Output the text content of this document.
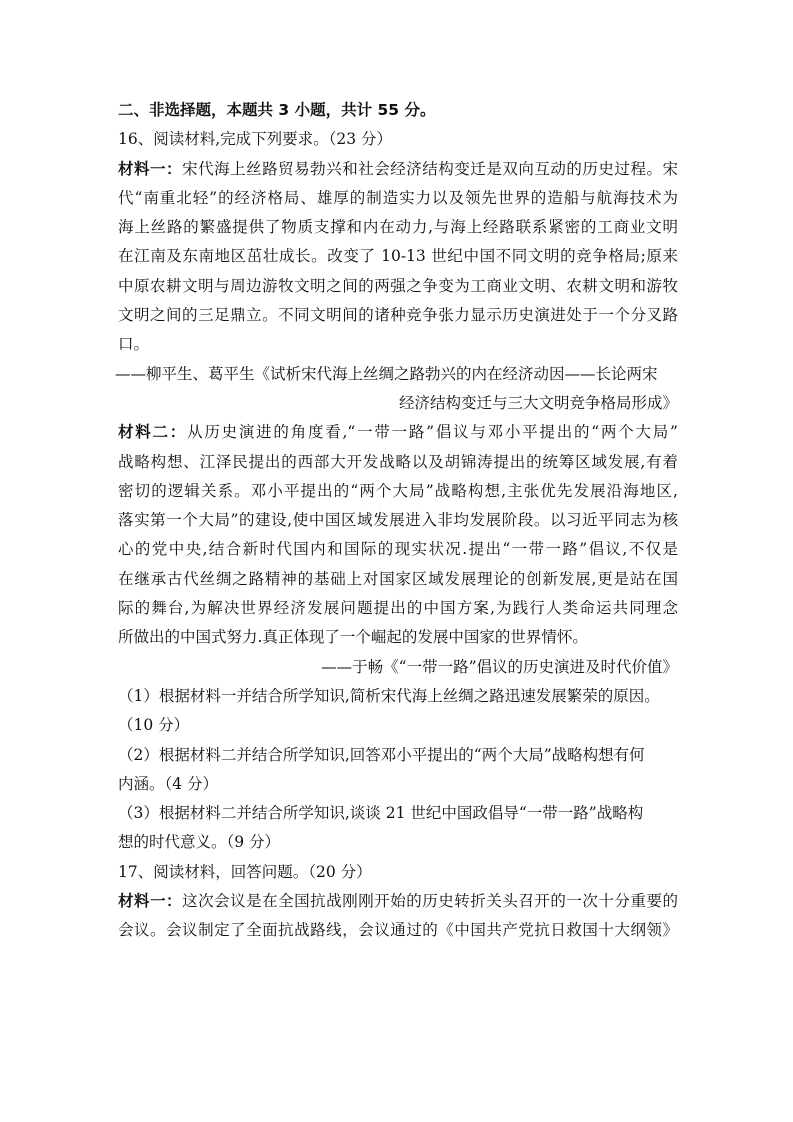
二、非选择题，本题共 3 小题，共计 55 分。
16、阅读材料,完成下列要求。（23 分）
材料一：宋代海上丝路贸易勃兴和社会经济结构变迁是双向互动的历史过程。宋
代“南重北轻”的经济格局、雄厚的制造实力以及领先世界的造船与航海技术为
海上丝路的繁盛提供了物质支撑和内在动力,与海上经路联系紧密的工商业文明
在江南及东南地区茁壮成长。改变了 10-13 世纪中国不同文明的竞争格局;原来
中原农耕文明与周边游牧文明之间的两强之争变为工商业文明、农耕文明和游牧
文明之间的三足鼎立。不同文明间的诸种竞争张力显示历史演进处于一个分叉路
口。
——柳平生、葛平生《试析宋代海上丝绸之路勃兴的内在经济动因——长论两宋
经济结构变迁与三大文明竞争格局形成》
材料二：从历史演进的角度看,“一带一路”倡议与邓小平提出的“两个大局”
战略构想、江泽民提出的西部大开发战略以及胡锦涛提出的统筹区域发展,有着
密切的逻辑关系。邓小平提出的“两个大局”战略构想,主张优先发展沿海地区,
落实第一个大局”的建设,使中国区域发展进入非均发展阶段。以习近平同志为核
心的党中央,结合新时代国内和国际的现实状况.提出“一带一路”倡议,不仅是
在继承古代丝绸之路精神的基础上对国家区域发展理论的创新发展,更是站在国
际的舞台,为解决世界经济发展问题提出的中国方案,为践行人类命运共同理念
所做出的中国式努力.真正体现了一个崛起的发展中国家的世界情怀。
——于畅《“一带一路”倡议的历史演进及时代价值》
（1）根据材料一并结合所学知识,简析宋代海上丝绸之路迅速发展繁荣的原因。
（10 分）
（2）根据材料二并结合所学知识,回答邓小平提出的“两个大局”战略构想有何
内涵。（4 分）
（3）根据材料二并结合所学知识,谈谈 21 世纪中国政倡导“一带一路”战略构
想的时代意义。（9 分）
17、阅读材料，回答问题。（20 分）
材料一：这次会议是在全国抗战刚刚开始的历史转折关头召开的一次十分重要的
会议。会议制定了全面抗战路线，会议通过的《中国共产党抗日救国十大纲领》
